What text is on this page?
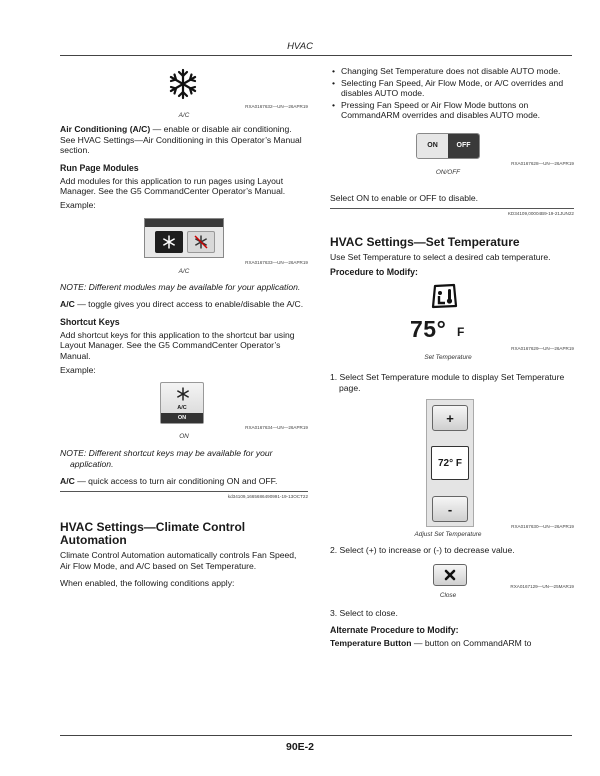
HVAC
RXA0167632—UN—26APR19
A/C

Air Conditioning (A/C) — enable or disable air conditioning. See HVAC Settings—Air Conditioning in this Operator’s Manual section.

Run Page Modules

Add modules for this application to run pages using Layout Manager. See the G5 CommandCenter Operator’s Manual.

Example:

RXA0167633—UN—26APR19
A/C
NOTE: Different modules may be available for your application.

A/C — toggle gives you direct access to enable/disable the A/C.

Shortcut Keys

Add shortcut keys for this application to the shortcut bar using Layout Manager. See the G5 CommandCenter Operator’s Manual.

Example:

A/C
ON
RXA0167634—UN—26APR19
ON
NOTE: Different shortcut keys may be available for your application.

A/C — quick access to turn air conditioning ON and OFF.

kd34109,1665686490991-19-13OCT22
HVAC Settings—Climate Control Automation

Climate Control Automation automatically controls Fan Speed, Air Flow Mode, and A/C based on Set Temperature.

When enabled, the following conditions apply:

• Changing Set Temperature does not disable AUTO mode.
• Selecting Fan Speed, Air Flow Mode, or A/C overrides and disables AUTO mode.
• Pressing Fan Speed or Air Flow Mode buttons on CommandARM overrides and disables AUTO mode.
ON	OFF
RXA0167628—UN—26APR19
ON/OFF

Select ON to enable or OFF to disable.

KD34109,00004B9-19-21JUN22
HVAC Settings—Set Temperature

Use Set Temperature to select a desired cab temperature.

Procedure to Modify:
75° F
RXA0167629—UN—26APR19
Set Temperature
1. Select Set Temperature module to display Set Temperature page.
+
72° F
-
RXA0167630—UN—26APR19
Adjust Set Temperature
2. Select (+) to increase or (-) to decrease value.
RXA0167129—UN—25MAR19
Close
3. Select to close.
Alternate Procedure to Modify:

Temperature Button — button on CommandARM to

90E-2
